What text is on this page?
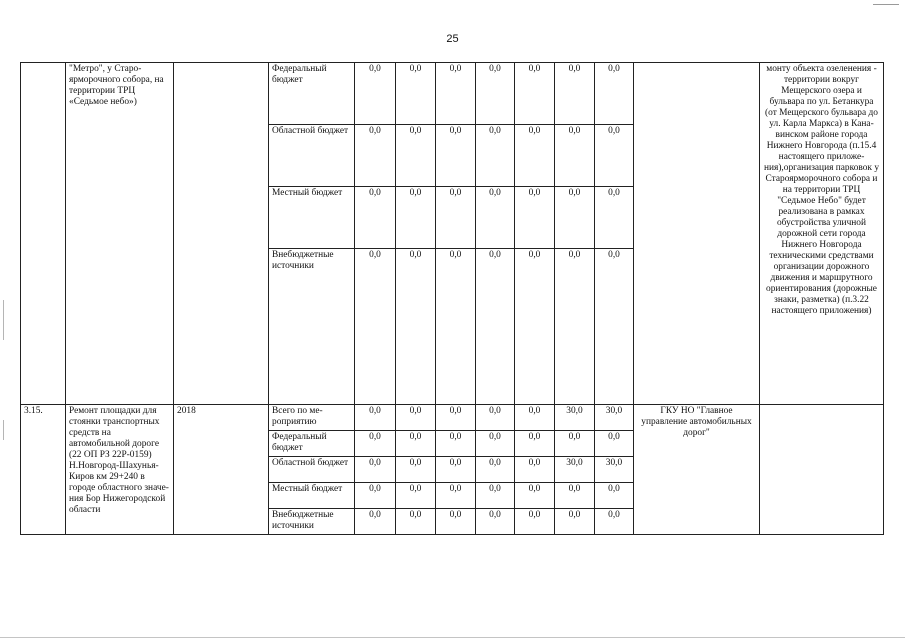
25
	"Метро", у Старо-ярморочного собора, на территории ТРЦ «Седьмое небо»)		Федеральный бюджет	0,0	0,0	0,0	0,0	0,0	0,0	0,0		монту объекта озеленения - территории вокруг Мещерского озера и бульвара по ул. Бетанкура (от Мещерского бульвара до ул. Карла Маркса) в Канавинском районе города Нижнего Новгорода (п.15.4 настоящего приложения),организация парковок у Староярморочного собора и на территории ТРЦ "Седьмое Небо" будет реализована в рамках обустройства уличной дорожной сети города Нижнего Новгорода техническими средствами организации дорожного движения и маршрутного ориентирования (дорожные знаки, разметка) (п.3.22 настоящего приложения)
			Областной бюджет	0,0	0,0	0,0	0,0	0,0	0,0	0,0		
			Местный бюджет	0,0	0,0	0,0	0,0	0,0	0,0	0,0		
			Внебюджетные источники	0,0	0,0	0,0	0,0	0,0	0,0	0,0		
3.15.	Ремонт площадки для стоянки транспортных средств на автомобильной дороге (22 ОП РЗ 22Р-0159) Н.Новгород-Шахунья-Киров км 29+240 в городе областного значения Бор Нижегородской области	2018	Всего по мероприятию	0,0	0,0	0,0	0,0	0,0	30,0	30,0	ГКУ НО "Главное управление автомобильных дорог"	
			Федеральный бюджет	0,0	0,0	0,0	0,0	0,0	0,0	0,0		
			Областной бюджет	0,0	0,0	0,0	0,0	0,0	30,0	30,0		
			Местный бюджет	0,0	0,0	0,0	0,0	0,0	0,0	0,0		
			Внебюджетные источники	0,0	0,0	0,0	0,0	0,0	0,0	0,0		
